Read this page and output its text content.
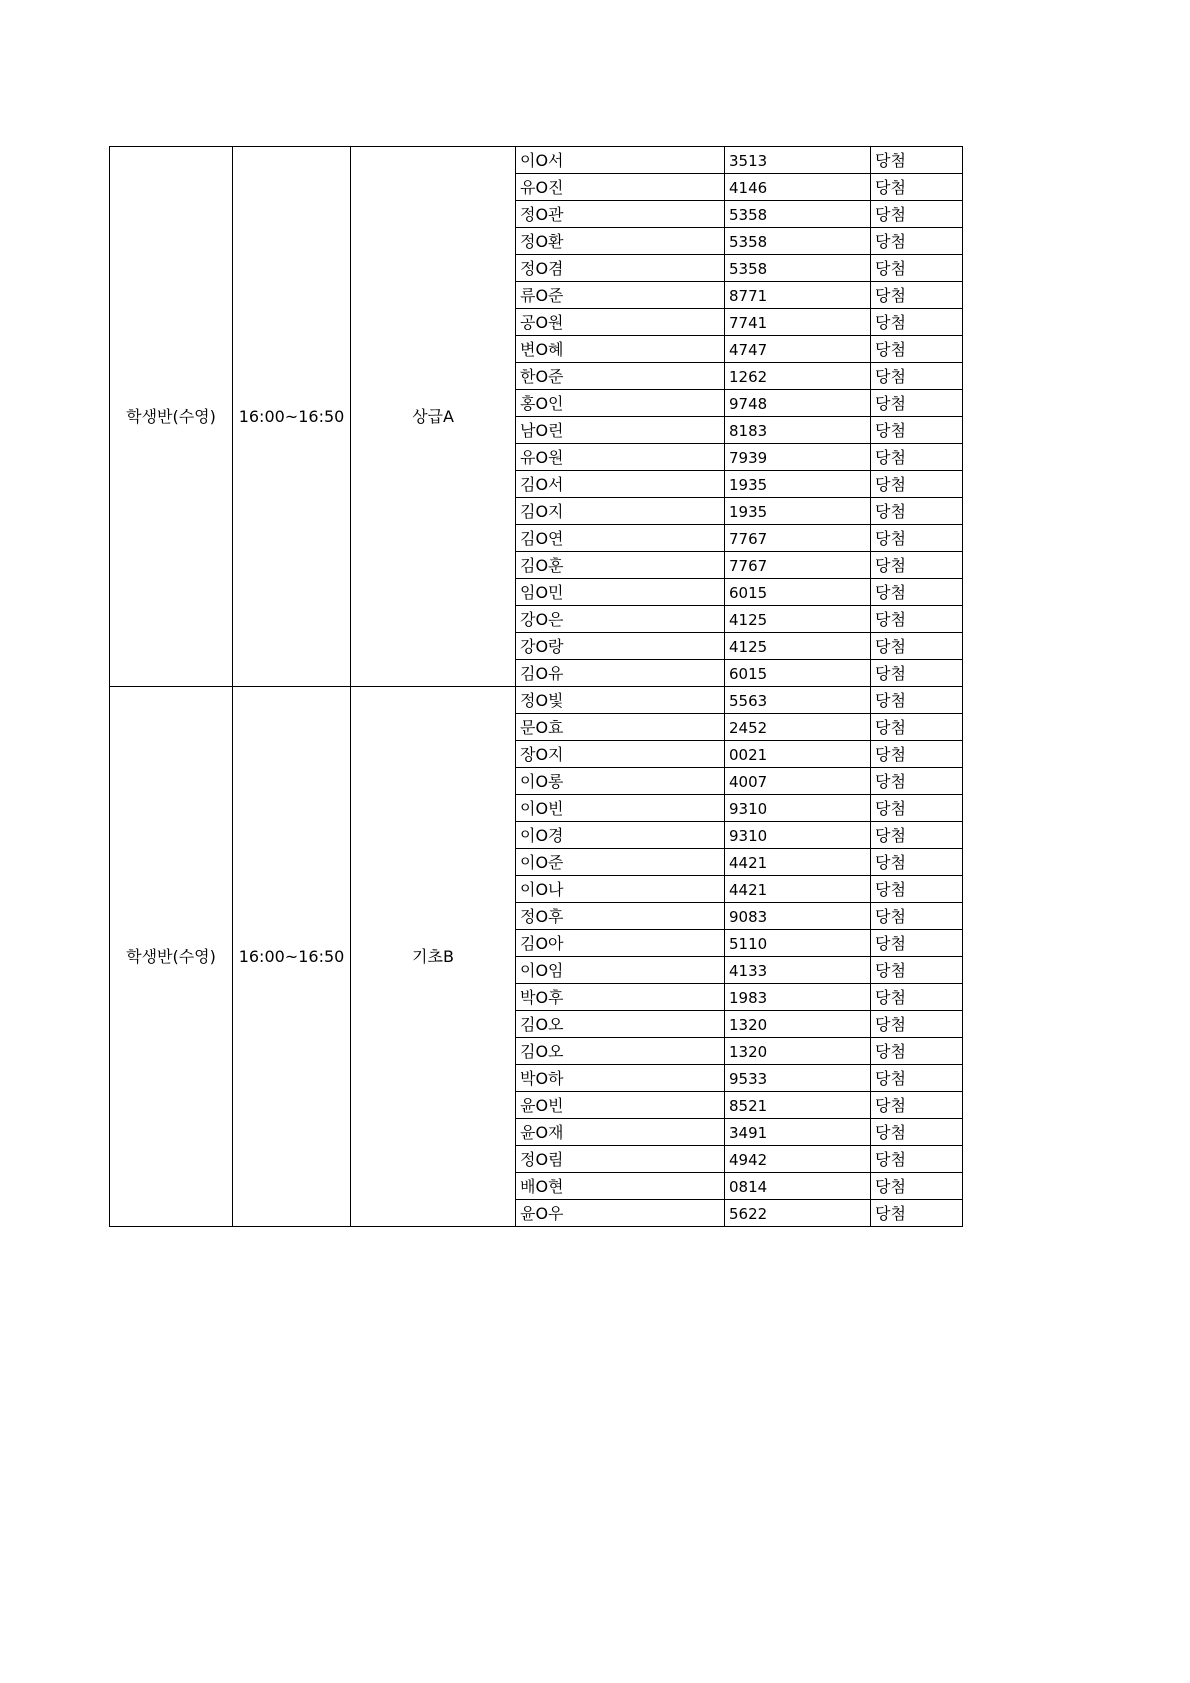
학생반(수영)	16:00~16:50	상급A	이O서	3513	당첨
			유O진	4146	당첨
			정O관	5358	당첨
			정O환	5358	당첨
			정O겸	5358	당첨
			류O준	8771	당첨
			공O원	7741	당첨
			변O혜	4747	당첨
			한O준	1262	당첨
			홍O인	9748	당첨
			남O린	8183	당첨
			유O원	7939	당첨
			김O서	1935	당첨
			김O지	1935	당첨
			김O연	7767	당첨
			김O훈	7767	당첨
			임O민	6015	당첨
			강O은	4125	당첨
			강O랑	4125	당첨
			김O유	6015	당첨
학생반(수영)	16:00~16:50	기초B	정O빛	5563	당첨
			문O효	2452	당첨
			장O지	0021	당첨
			이O롱	4007	당첨
			이O빈	9310	당첨
			이O경	9310	당첨
			이O준	4421	당첨
			이O나	4421	당첨
			정O후	9083	당첨
			김O아	5110	당첨
			이O임	4133	당첨
			박O후	1983	당첨
			김O오	1320	당첨
			김O오	1320	당첨
			박O하	9533	당첨
			윤O빈	8521	당첨
			윤O재	3491	당첨
			정O림	4942	당첨
			배O현	0814	당첨
			윤O우	5622	당첨
